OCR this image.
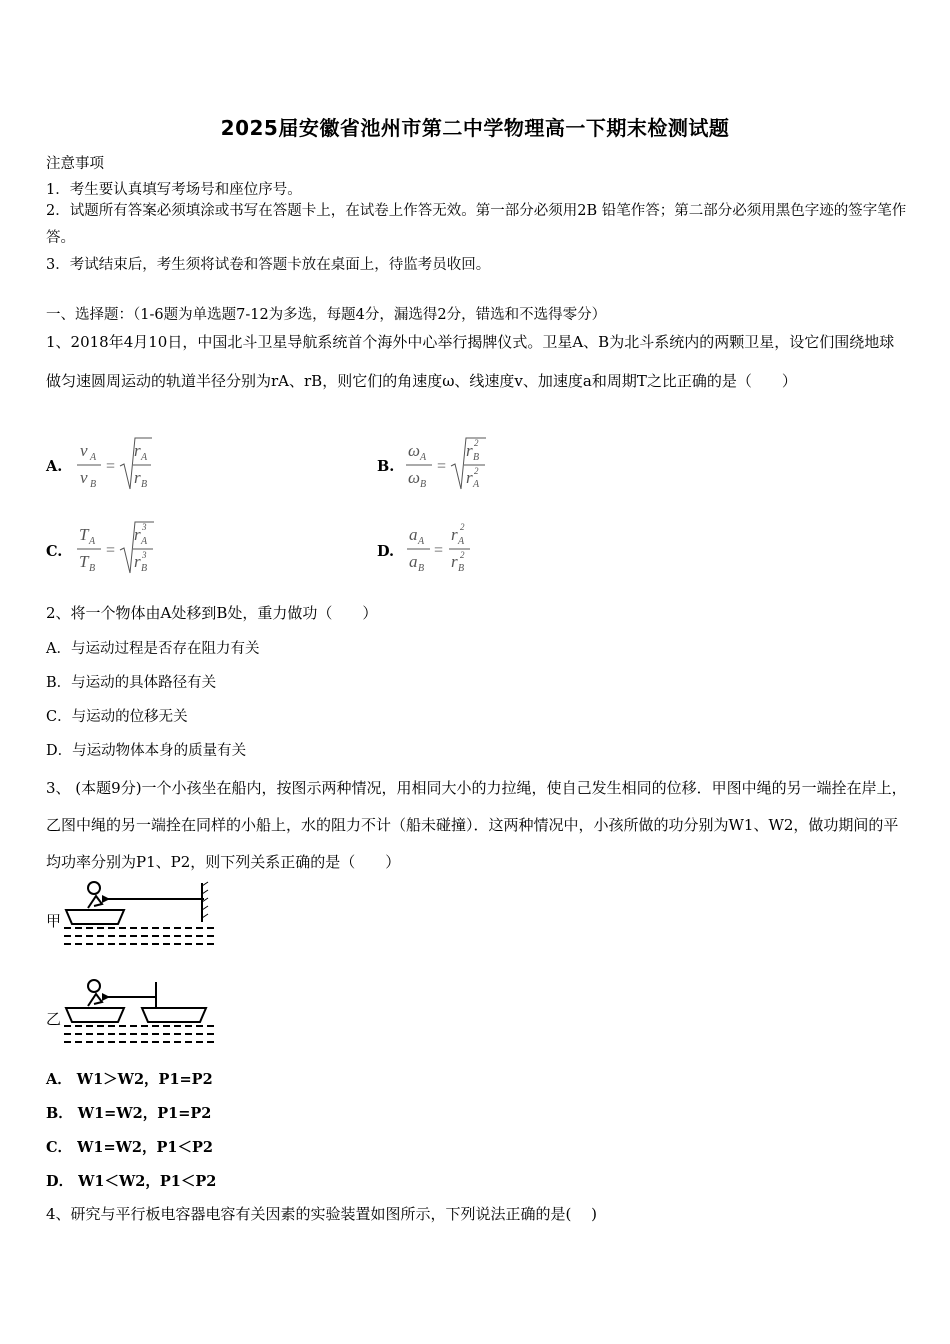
2025届安徽省池州市第二中学物理高一下期末检测试题
注意事项
1．考生要认真填写考场号和座位序号。
2．试题所有答案必须填涂或书写在答题卡上，在试卷上作答无效。第一部分必须用2B 铅笔作答；第二部分必须用黑色字迹的签字笔作答。
3．考试结束后，考生须将试卷和答题卡放在桌面上，待监考员收回。
一、选择题：（1-6题为单选题7-12为多选，每题4分，漏选得2分，错选和不选得零分）
1、2018年4月10日，中国北斗卫星导航系统首个海外中心举行揭牌仪式。卫星A、B为北斗系统内的两颗卫星，设它们围绕地球做匀速圆周运动的轨道半径分别为rA、rB，则它们的角速度ω、线速度v、加速度a和周期T之比正确的是（　　）
A.
v A
v B
=
r A
r B
B.
ω A
ω B
=
r B
2
r A
2
C.
T A
T B
=
r A
3
r B
3	D.
a A
a B
=
r A
2
r B
2
2、将一个物体由A处移到B处，重力做功（　　）
A．与运动过程是否存在阻力有关
B．与运动的具体路径有关
C．与运动的位移无关
D．与运动物体本身的质量有关
3、 (本题9分)一个小孩坐在船内，按图示两种情况，用相同大小的力拉绳，使自己发生相同的位移．甲图中绳的另一端拴在岸上，乙图中绳的另一端拴在同样的小船上，水的阻力不计（船未碰撞）．这两种情况中，小孩所做的功分别为W1、W2，做功期间的平均功率分别为P1、P2，则下列关系正确的是（　　）
甲
乙
A． W1＞W2，P1=P2
B． W1=W2，P1=P2
C． W1=W2，P1＜P2
D． W1＜W2，P1＜P2
4、研究与平行板电容器电容有关因素的实验装置如图所示，下列说法正确的是(　 )
